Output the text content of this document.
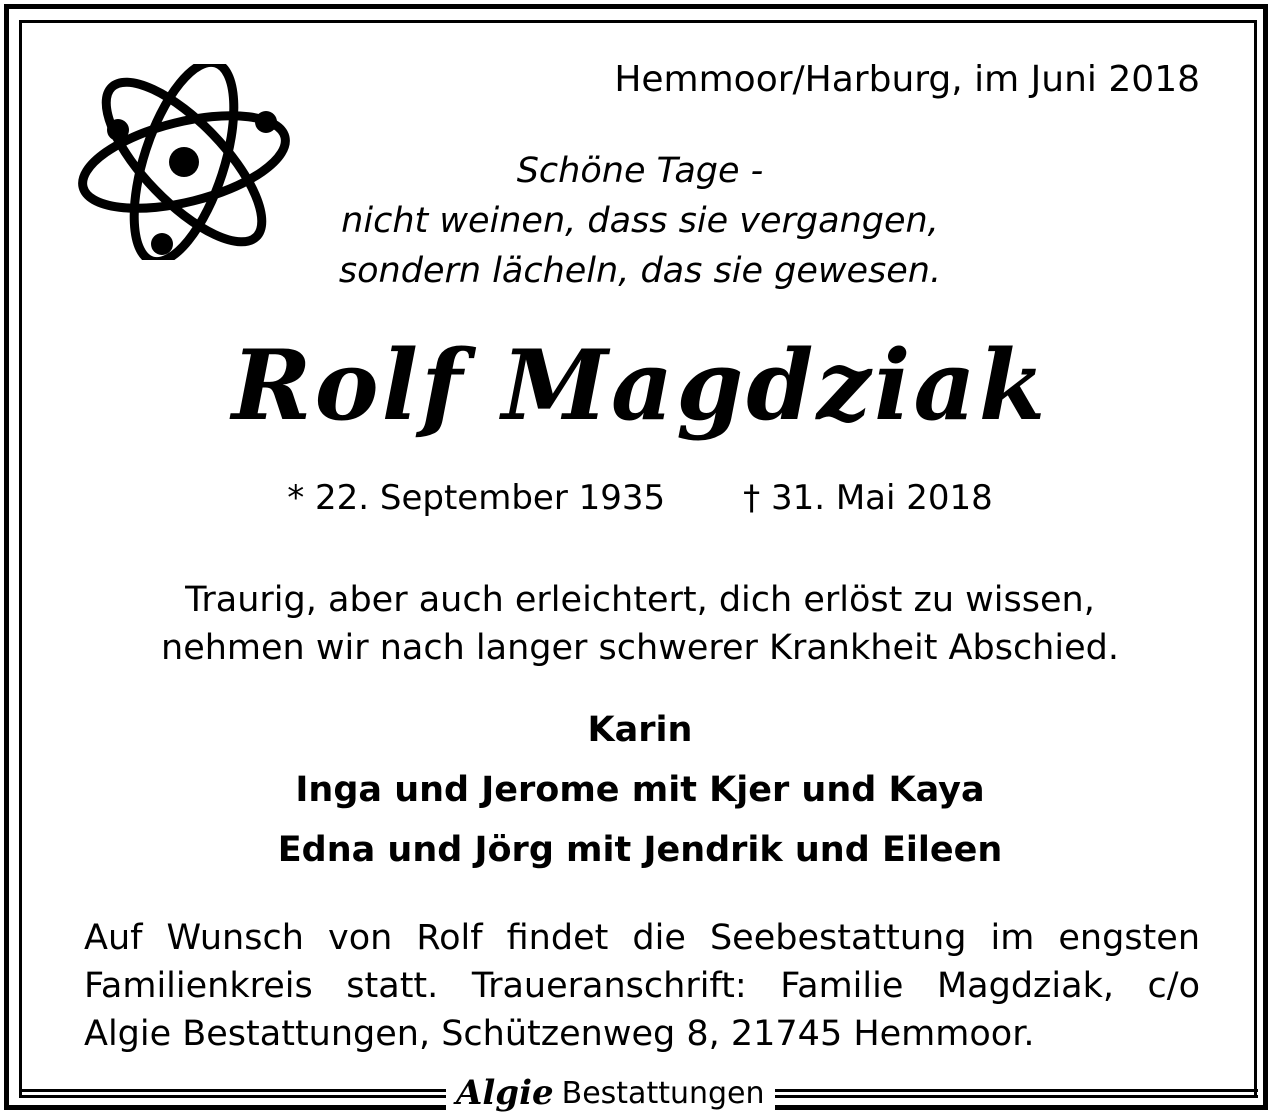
Hemmoor/Harburg, im Juni 2018
Schöne Tage -
nicht weinen, dass sie vergangen,
sondern lächeln, das sie gewesen.
Rolf Magdziak
* 22. September 1935 † 31. Mai 2018
Traurig, aber auch erleichtert, dich erlöst zu wissen,
nehmen wir nach langer schwerer Krankheit Abschied.
Karin
Inga und Jerome mit Kjer und Kaya
Edna und Jörg mit Jendrik und Eileen
Auf Wunsch von Rolf findet die Seebestattung im engsten
Familienkreis statt. Traueranschrift: Familie Magdziak, c/o
Algie Bestattungen, Schützenweg 8, 21745 Hemmoor.
Algie Bestattungen
